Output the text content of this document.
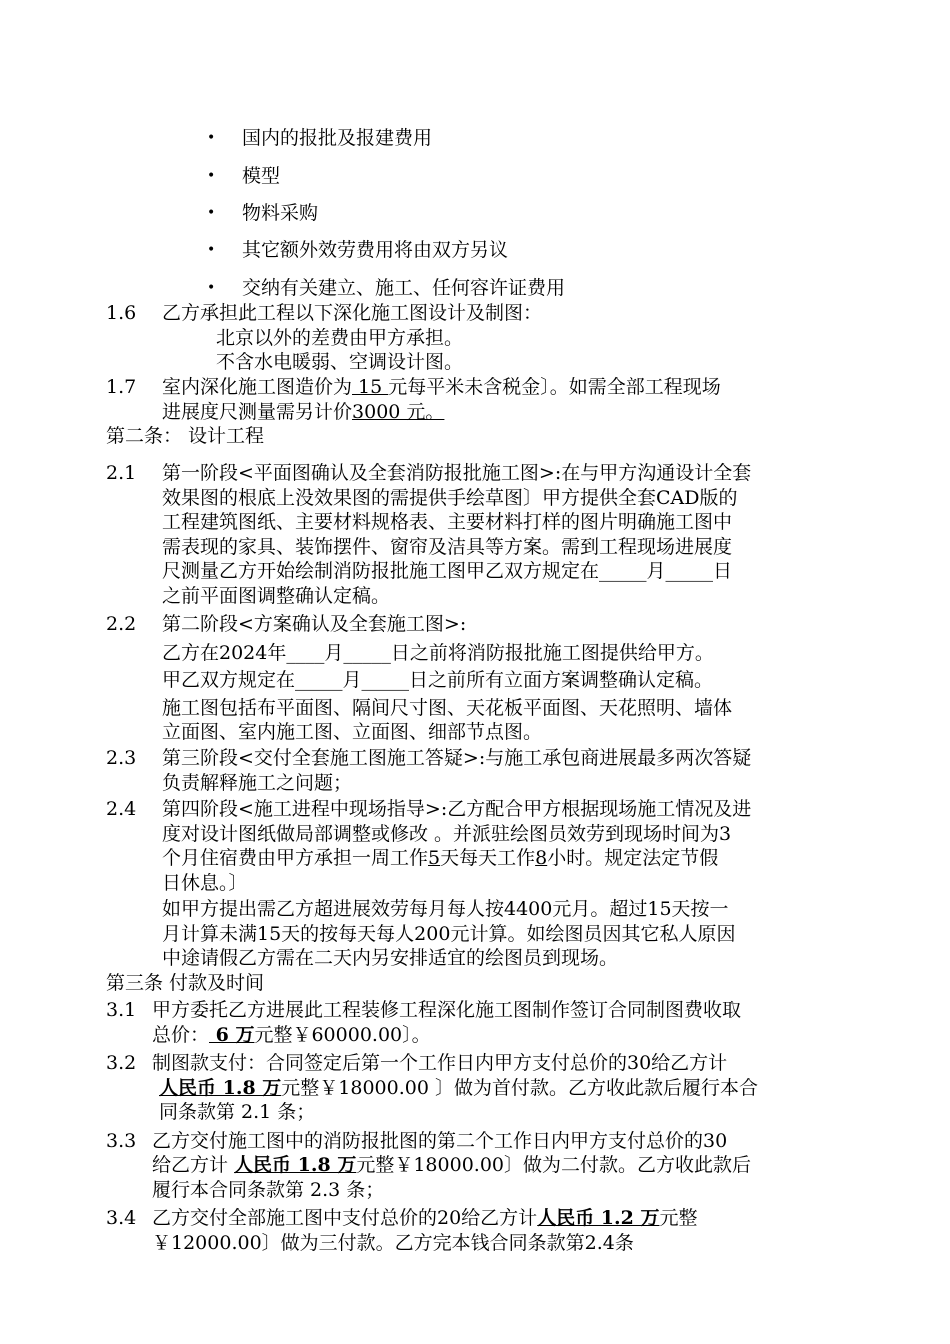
• 国内的报批及报建费用
• 模型
• 物料采购
• 其它额外效劳费用将由双方另议
• 交纳有关建立、施工、任何容许证费用
1.6 乙方承担此工程以下深化施工图设计及制图：
北京以外的差费由甲方承担。
不含水电暖弱、空调设计图。
1.7 室内深化施工图造价为 15 元每平米未含税金〕。如需全部工程现场
进展度尺测量需另计价3000 元。
第二条： 设计工程
2.1 第一阶段<平面图确认及全套消防报批施工图>:在与甲方沟通设计全套
效果图的根底上没效果图的需提供手绘草图〕甲方提供全套CAD版的
工程建筑图纸、主要材料规格表、主要材料打样的图片明确施工图中
需表现的家具、装饰摆件、窗帘及洁具等方案。需到工程现场进展度
尺测量乙方开始绘制消防报批施工图甲乙双方规定在_____月_____日
之前平面图调整确认定稿。
2.2 第二阶段<方案确认及全套施工图>:
乙方在2024年____月_____日之前将消防报批施工图提供给甲方。
甲乙双方规定在_____月_____日之前所有立面方案调整确认定稿。
施工图包括布平面图、隔间尺寸图、天花板平面图、天花照明、墙体
立面图、室内施工图、立面图、细部节点图。
2.3 第三阶段<交付全套施工图施工答疑>:与施工承包商进展最多两次答疑
负责解释施工之问题；
2.4 第四阶段<施工进程中现场指导>:乙方配合甲方根据现场施工情况及进
度对设计图纸做局部调整或修改 。并派驻绘图员效劳到现场时间为3
个月住宿费由甲方承担一周工作5天每天工作8小时。规定法定节假
日休息。〕
如甲方提出需乙方超进展效劳每月每人按4400元月。超过15天按一
月计算未满15天的按每天每人200元计算。如绘图员因其它私人原因
中途请假乙方需在二天内另安排适宜的绘图员到现场。
第三条 付款及时间
3.1 甲方委托乙方进展此工程装修工程深化施工图制作签订合同制图费收取
总价： 6 万元整￥60000.00〕。
3.2 制图款支付：合同签定后第一个工作日内甲方支付总价的30给乙方计
人民币 1.8 万元整￥18000.00 〕做为首付款。乙方收此款后履行本合
同条款第 2.1 条；
3.3 乙方交付施工图中的消防报批图的第二个工作日内甲方支付总价的30
给乙方计 人民币 1.8 万元整￥18000.00〕做为二付款。乙方收此款后
履行本合同条款第 2.3 条；
3.4 乙方交付全部施工图中支付总价的20给乙方计人民币 1.2 万元整
￥12000.00〕做为三付款。乙方完本钱合同条款第2.4条
